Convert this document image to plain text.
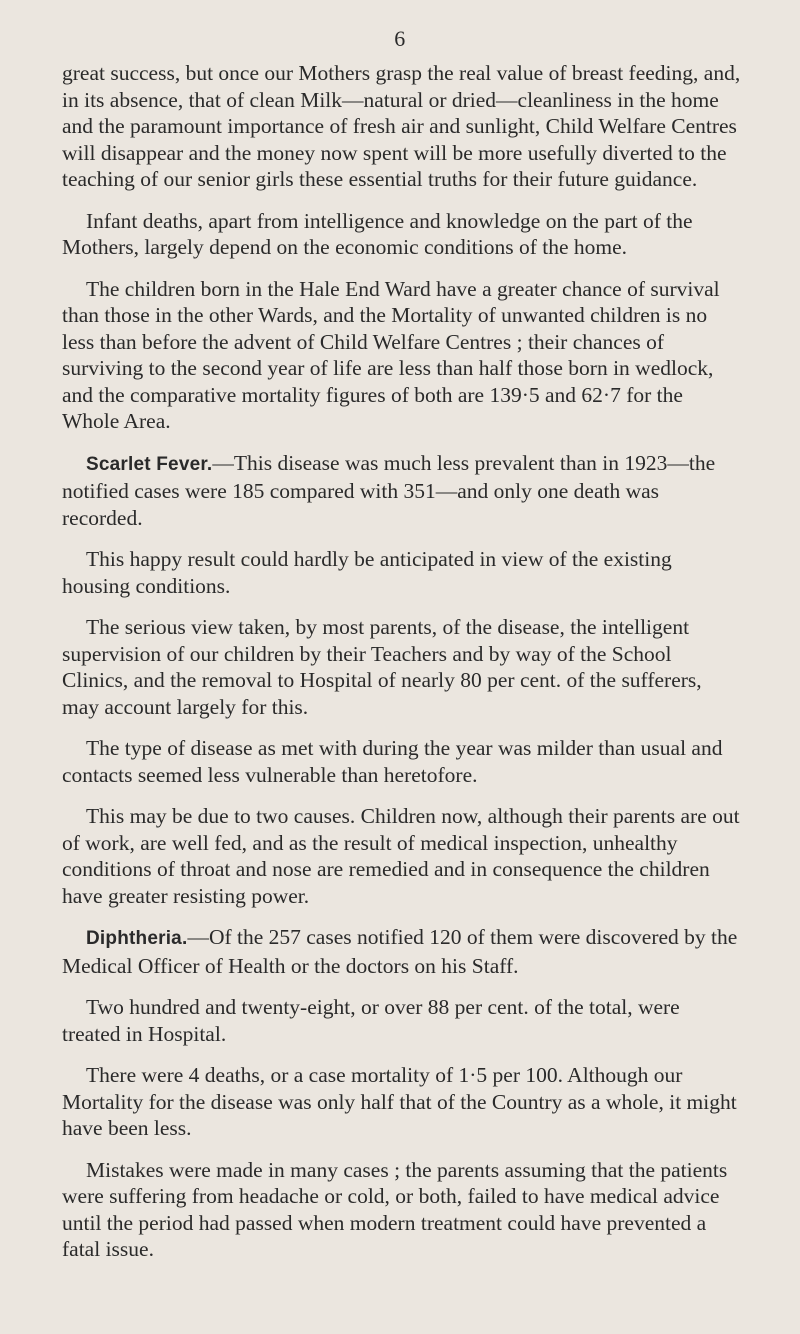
6

great success, but once our Mothers grasp the real value of breast feeding, and, in its absence, that of clean Milk—natural or dried—cleanliness in the home and the paramount importance of fresh air and sunlight, Child Welfare Centres will disappear and the money now spent will be more usefully diverted to the teaching of our senior girls these essential truths for their future guidance.

Infant deaths, apart from intelligence and knowledge on the part of the Mothers, largely depend on the economic conditions of the home.

The children born in the Hale End Ward have a greater chance of survival than those in the other Wards, and the Mortality of unwanted children is no less than before the advent of Child Welfare Centres ; their chances of surviving to the second year of life are less than half those born in wedlock, and the comparative mortality figures of both are 139·5 and 62·7 for the Whole Area.

Scarlet Fever.—This disease was much less prevalent than in 1923—the notified cases were 185 compared with 351—and only one death was recorded.

This happy result could hardly be anticipated in view of the existing housing conditions.

The serious view taken, by most parents, of the disease, the intelligent supervision of our children by their Teachers and by way of the School Clinics, and the removal to Hospital of nearly 80 per cent. of the sufferers, may account largely for this.

The type of disease as met with during the year was milder than usual and contacts seemed less vulnerable than heretofore.

This may be due to two causes. Children now, although their parents are out of work, are well fed, and as the result of medical inspection, unhealthy conditions of throat and nose are remedied and in consequence the children have greater resisting power.

Diphtheria.—Of the 257 cases notified 120 of them were discovered by the Medical Officer of Health or the doctors on his Staff.

Two hundred and twenty-eight, or over 88 per cent. of the total, were treated in Hospital.

There were 4 deaths, or a case mortality of 1·5 per 100. Although our Mortality for the disease was only half that of the Country as a whole, it might have been less.

Mistakes were made in many cases ; the parents assuming that the patients were suffering from headache or cold, or both, failed to have medical advice until the period had passed when modern treatment could have prevented a fatal issue.
